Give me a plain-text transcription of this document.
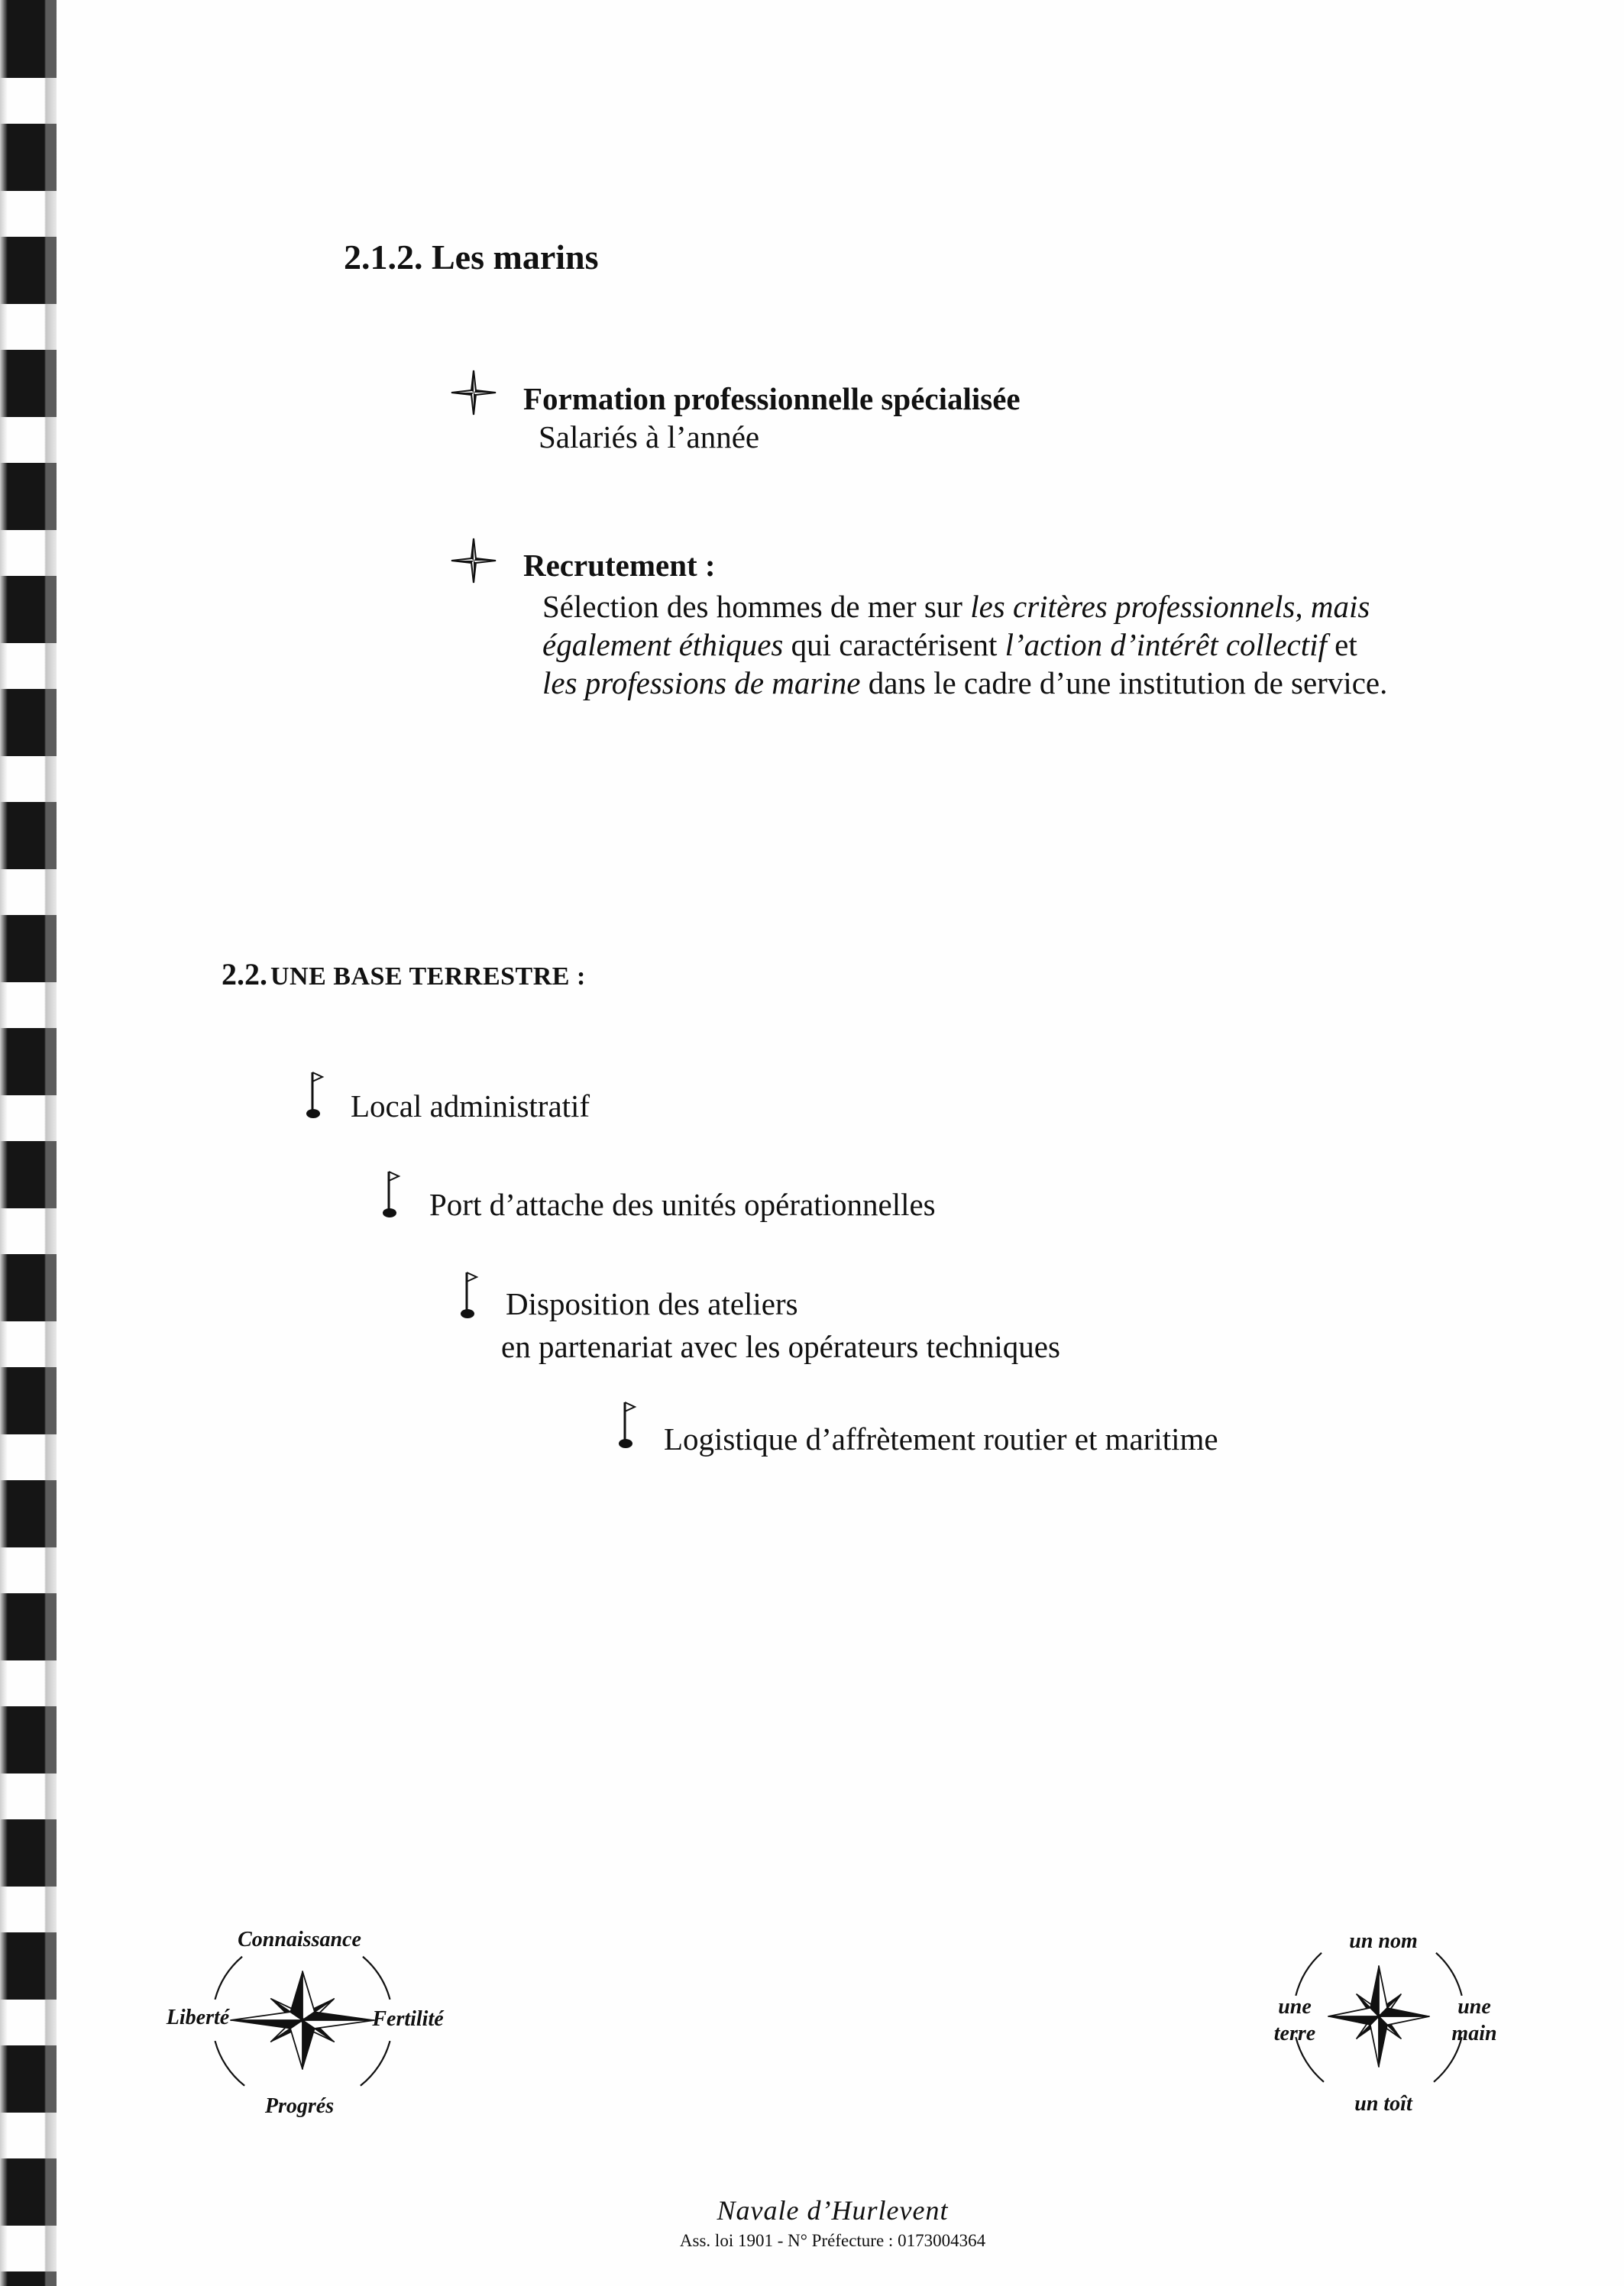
2.1.2. Les marins
Formation professionnelle spécialisée
Salariés à l’année
Recrutement :
Sélection des hommes de mer sur les critères professionnels, mais
également éthiques qui caractérisent l’action d’intérêt collectif et
les professions de marine dans le cadre d’une institution de service.
2.2. UNE BASE TERRESTRE :
Local administratif
Port d’attache des unités opérationnelles
Disposition des ateliers
en partenariat avec les opérateurs techniques
Logistique d’affrètement routier et maritime
Connaissance
Liberté	Fertilité
Progrés
un nom
une
terre
une
main
un toît
Navale d’Hurlevent
Ass. loi 1901 - N° Préfecture : 0173004364
